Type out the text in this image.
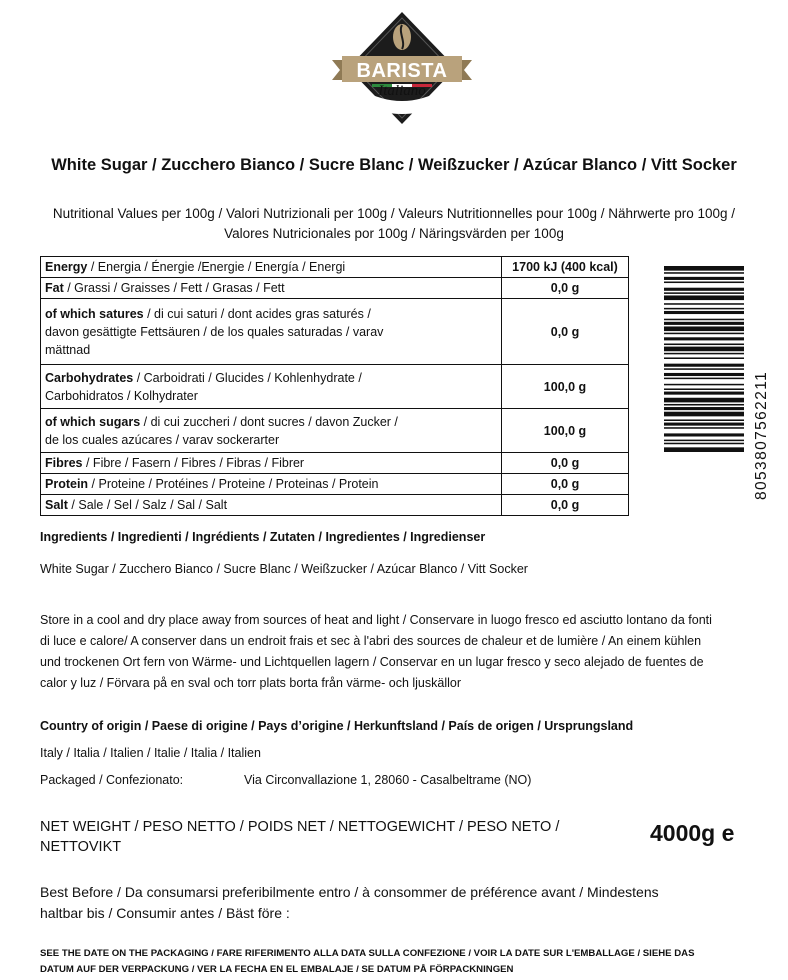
BARISTA
Italiano
White Sugar / Zucchero Bianco / Sucre Blanc / Weißzucker / Azúcar Blanco / Vitt Socker
Nutritional Values per 100g / Valori Nutrizionali per 100g / Valeurs Nutritionnelles pour 100g / Nährwerte pro 100g /
Valores Nutricionales por 100g / Näringsvärden per 100g
Energy / Energia / Énergie /Energie / Energía / Energi	1700 kJ (400 kcal)
Fat / Grassi / Graisses / Fett / Grasas / Fett	0,0 g
of which satures / di cui saturi / dont acides gras saturés / davon gesättigte Fettsäuren / de los quales saturadas / varav mättnad	0,0 g
Carbohydrates / Carboidrati / Glucides / Kohlenhydrate / Carbohidratos / Kolhydrater	100,0 g
of which sugars / di cui zuccheri / dont sucres / davon Zucker / de los cuales azúcares / varav sockerarter	100,0 g
Fibres / Fibre / Fasern / Fibres / Fibras / Fibrer	0,0 g
Protein / Proteine / Protéines / Proteine / Proteinas / Protein	0,0 g
Salt / Sale / Sel / Salz / Sal / Salt	0,0 g
8053807562211
Ingredients / Ingredienti / Ingrédients / Zutaten / Ingredientes / Ingredienser
White Sugar / Zucchero Bianco / Sucre Blanc / Weißzucker / Azúcar Blanco / Vitt Socker
Store in a cool and dry place away from sources of heat and light / Conservare in luogo fresco ed asciutto lontano da fonti
di luce e calore/ A conserver dans un endroit frais et sec à l'abri des sources de chaleur et de lumière / An einem kühlen
und trockenen Ort fern von Wärme- und Lichtquellen lagern / Conservar en un lugar fresco y seco alejado de fuentes de
calor y luz / Förvara på en sval och torr plats borta från värme- och ljuskällor
Country of origin / Paese di origine / Pays d’origine / Herkunftsland / País de origen / Ursprungsland
Italy / Italia / Italien / Italie / Italia / Italien
Packaged / Confezionato:	Via Circonvallazione 1, 28060 - Casalbeltrame (NO)
NET WEIGHT / PESO NETTO / POIDS NET / NETTOGEWICHT / PESO NETO /
NETTOVIKT
4000g e
Best Before / Da consumarsi preferibilmente entro / à consommer de préférence avant / Mindestens
haltbar bis / Consumir antes / Bäst före :
SEE THE DATE ON THE PACKAGING / FARE RIFERIMENTO ALLA DATA SULLA CONFEZIONE / VOIR LA DATE SUR L'EMBALLAGE / SIEHE DAS
DATUM AUF DER VERPACKUNG / VER LA FECHA EN EL EMBALAJE / SE DATUM PÅ FÖRPACKNINGEN
